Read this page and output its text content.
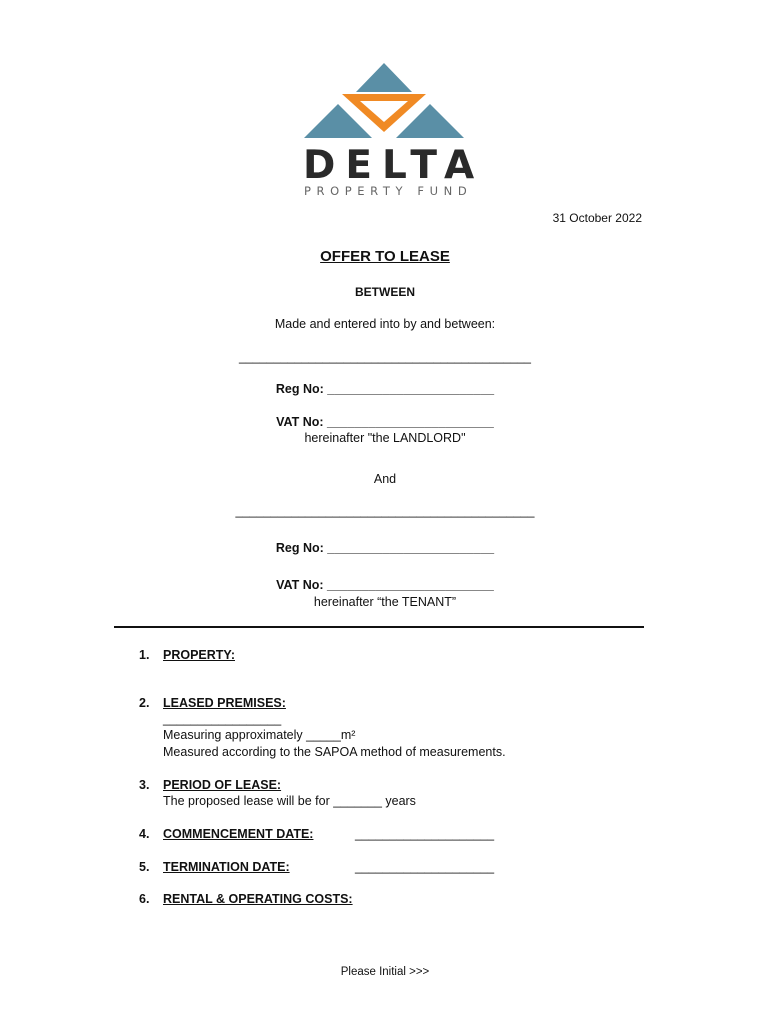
DELTA
PROPERTY FUND
31 October 2022
OFFER TO LEASE
BETWEEN
Made and entered into by and between:
__________________________________________
Reg No: ________________________
VAT No: ________________________
hereinafter "the LANDLORD"
And
___________________________________________
Reg No: ________________________
VAT No: ________________________
hereinafter “the TENANT”
1. PROPERTY:
2. LEASED PREMISES:
_________________
Measuring approximately _____m²
Measured according to the SAPOA method of measurements.
3. PERIOD OF LEASE:
The proposed lease will be for _______ years
4. COMMENCEMENT DATE:	____________________
5. TERMINATION DATE:	____________________
6. RENTAL & OPERATING COSTS:
Please Initial >>>
